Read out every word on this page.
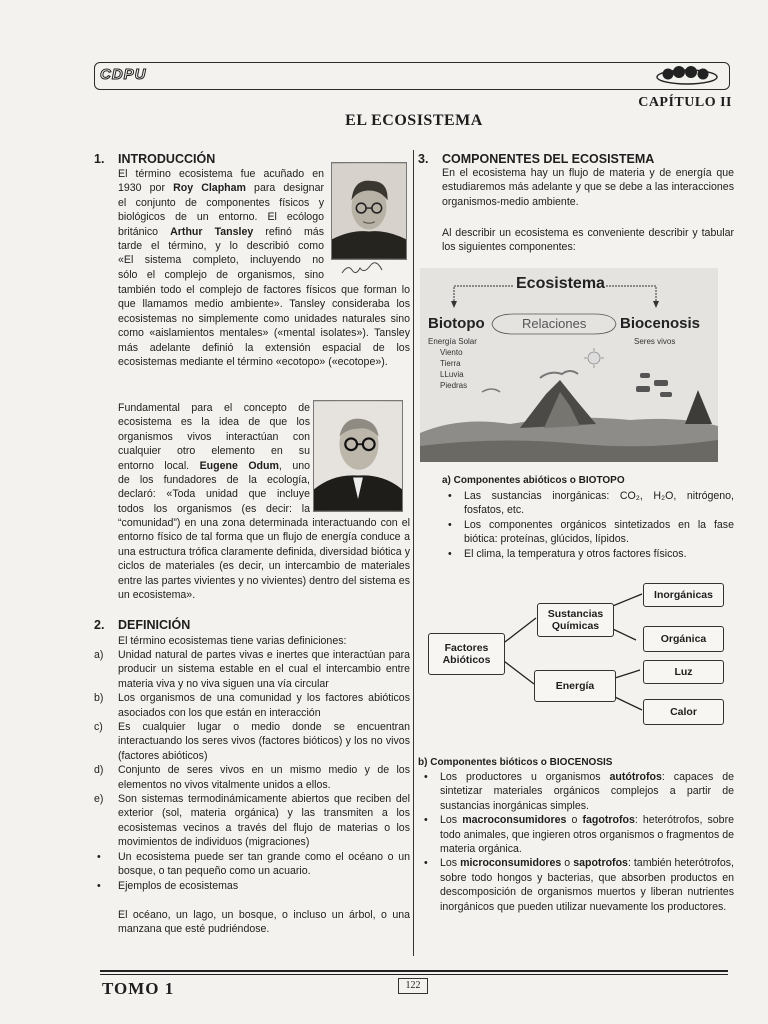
CDPU
CAPÍTULO II
EL ECOSISTEMA
1. INTRODUCCIÓN
El término ecosistema fue acuñado en
1930 por Roy Clapham para designar
el conjunto de componentes físicos y
biológicos de un entorno. El ecólogo
británico Arthur Tansley refinó más
tarde el término, y lo describió como
«El sistema completo, incluyendo no
sólo el complejo de organismos, sino
también todo el complejo de factores físicos que forman lo que llamamos medio ambiente». Tansley consideraba los ecosistemas no simplemente como unidades naturales sino como «aislamientos mentales» («mental isolates»). Tansley más adelante definió la extensión espacial de los ecosistemas mediante el término «ecotopo» («ecotope»).
Fundamental para el concepto de
ecosistema es la idea de que los
organismos vivos interactúan con
cualquier otro elemento en su
entorno local. Eugene Odum, uno
de los fundadores de la ecología,
declaró: «Toda unidad que incluye
todos los organismos (es decir: la
“comunidad”) en una zona determinada interactuando con el entorno físico de tal forma que un flujo de energía conduce a una estructura trófica claramente definida, diversidad biótica y ciclos de materiales (es decir, un intercambio de materiales entre las partes vivientes y no vivientes) dentro del sistema es un ecosistema».
2. DEFINICIÓN
El término ecosistemas tiene varias definiciones:
a) Unidad natural de partes vivas e inertes que interactúan para producir un sistema estable en el cual el intercambio entre materia viva y no viva siguen una vía circular
b) Los organismos de una comunidad y los factores abióticos asociados con los que están en interacción
c) Es cualquier lugar o medio donde se encuentran interactuando los seres vivos (factores bióticos) y los no vivos (factores abióticos)
d) Conjunto de seres vivos en un mismo medio y de los elementos no vivos vitalmente unidos a ellos.
e) Son sistemas termodinámicamente abiertos que reciben del exterior (sol, materia orgánica) y las transmiten a los ecosistemas vecinos a través del flujo de materias o los movimientos de individuos (migraciones)
• Un ecosistema puede ser tan grande como el océano o un bosque, o tan pequeño como un acuario.
• Ejemplos de ecosistemas
El océano, un lago, un bosque, o incluso un árbol, o una manzana que esté pudriéndose.
3. COMPONENTES DEL ECOSISTEMA
En el ecosistema hay un flujo de materia y de energía que estudiaremos más adelante y que se debe a las interacciones organismos-medio ambiente.
Al describir un ecosistema es conveniente describir y tabular los siguientes componentes:
Ecosistema
Biotopo	Relaciones Biocenosis
Energía Solar
Viento
Tierra
LLuvia
Piedras
Seres vivos
a) Componentes abióticos o BIOTOPO
• Las sustancias inorgánicas: CO₂, H₂O, nitrógeno, fosfatos, etc.
• Los componentes orgánicos sintetizados en la fase biótica: proteínas, glúcidos, lípidos.
• El clima, la temperatura y otros factores físicos.
Factores Abióticos
Sustancias Químicas
Energía
Inorgánicas
Orgánica
Luz
Calor
b) Componentes bióticos o BIOCENOSIS
• Los productores u organismos autótrofos: capaces de sintetizar materiales orgánicos complejos a partir de sustancias inorgánicas simples.
• Los macroconsumidores o fagotrofos: heterótrofos, sobre todo animales, que ingieren otros organismos o fragmentos de materia orgánica.
• Los microconsumidores o sapotrofos: también heterótrofos, sobre todo hongos y bacterias, que absorben productos en descomposición de organismos muertos y liberan nutrientes inorgánicos que pueden utilizar nuevamente los productores.
TOMO 1	122
